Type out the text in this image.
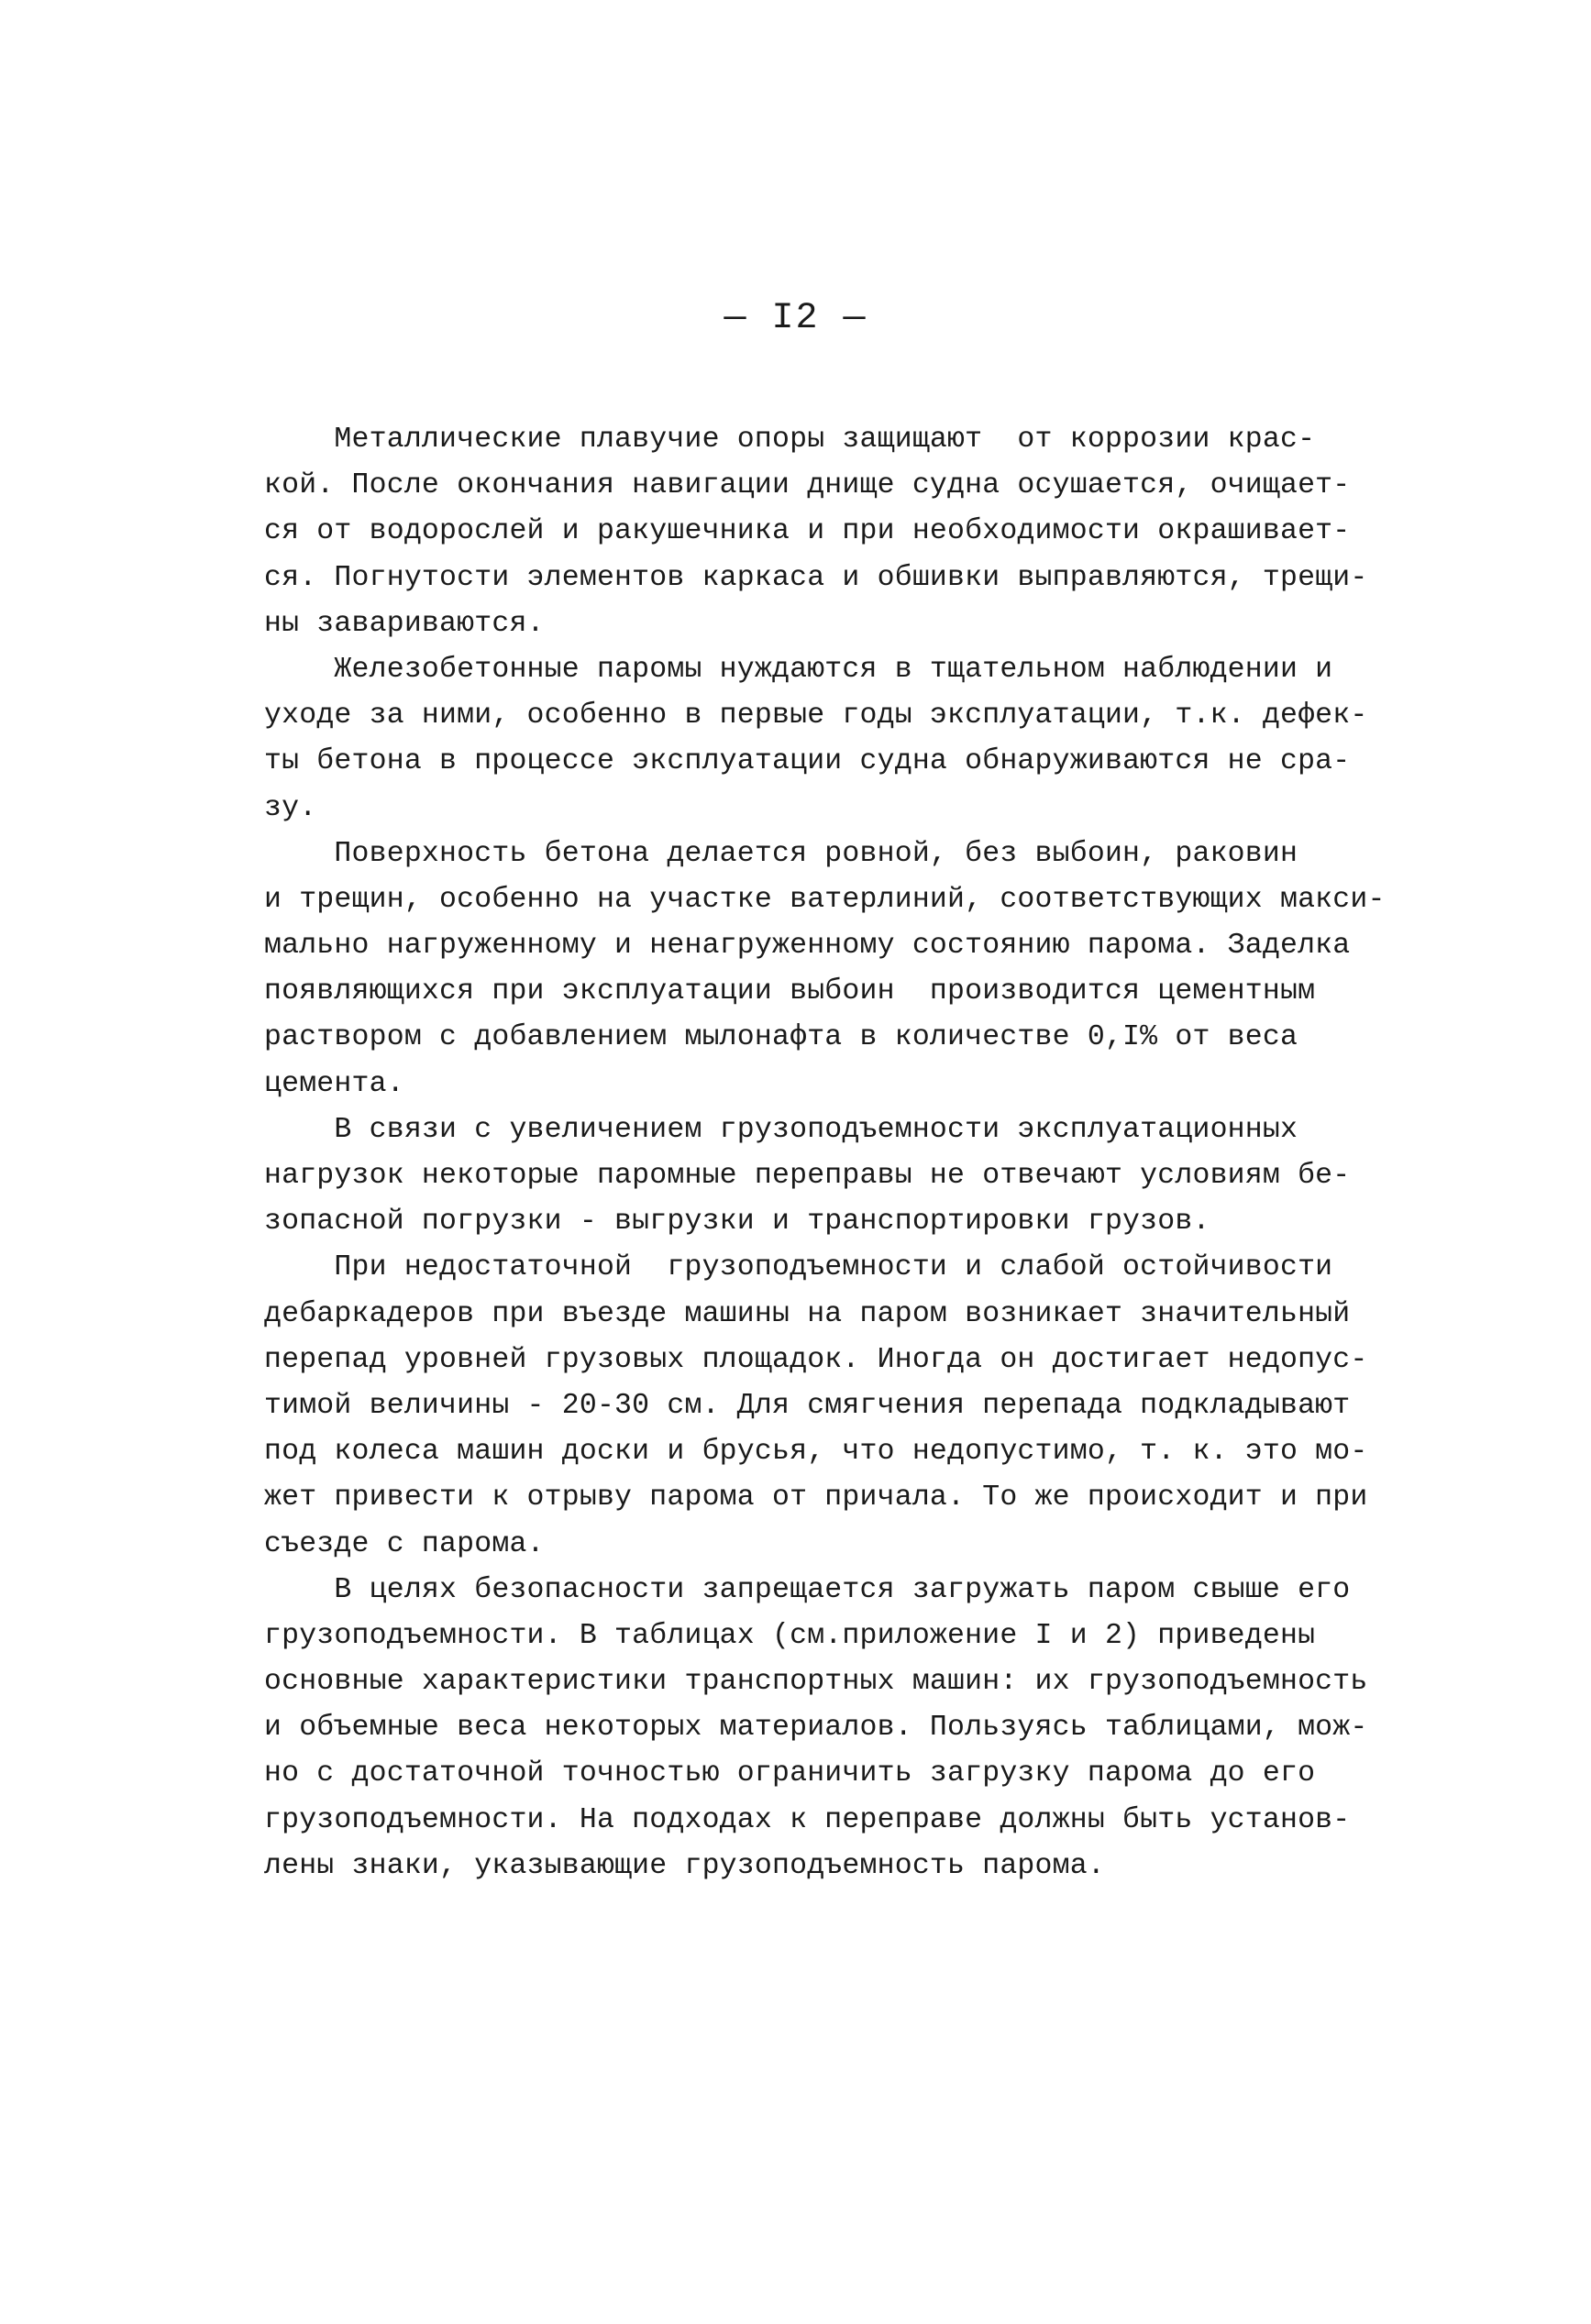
— I2 —
Металлические плавучие опоры защищают  от коррозии крас-
кой. После окончания навигации днище судна осушается, очищает-
ся от водорослей и ракушечника и при необходимости окрашивает-
ся. Погнутости элементов каркаса и обшивки выправляются, трещи-
ны завариваются.
Железобетонные паромы нуждаются в тщательном наблюдении и
уходе за ними, особенно в первые годы эксплуатации, т.к. дефек-
ты бетона в процессе эксплуатации судна обнаруживаются не сра-
зу.
Поверхность бетона делается ровной, без выбоин, раковин
и трещин, особенно на участке ватерлиний, соответствующих макси-
мально нагруженному и ненагруженному состоянию парома. Заделка
появляющихся при эксплуатации выбоин  производится цементным
раствором с добавлением мылонафта в количестве 0,I% от веса
цемента.
В связи с увеличением грузоподъемности эксплуатационных
нагрузок некоторые паромные переправы не отвечают условиям бе-
зопасной погрузки - выгрузки и транспортировки грузов.
При недостаточной  грузоподъемности и слабой остойчивости
дебаркадеров при въезде машины на паром возникает значительный
перепад уровней грузовых площадок. Иногда он достигает недопус-
тимой величины - 20-30 см. Для смягчения перепада подкладывают
под колеса машин доски и брусья, что недопустимо, т. к. это мо-
жет привести к отрыву парома от причала. То же происходит и при
съезде с парома.
В целях безопасности запрещается загружать паром свыше его
грузоподъемности. В таблицах (см.приложение I и 2) приведены
основные характеристики транспортных машин: их грузоподъемность
и объемные веса некоторых материалов. Пользуясь таблицами, мож-
но с достаточной точностью ограничить загрузку парома до его
грузоподъемности. На подходах к переправе должны быть установ-
лены знаки, указывающие грузоподъемность парома.
